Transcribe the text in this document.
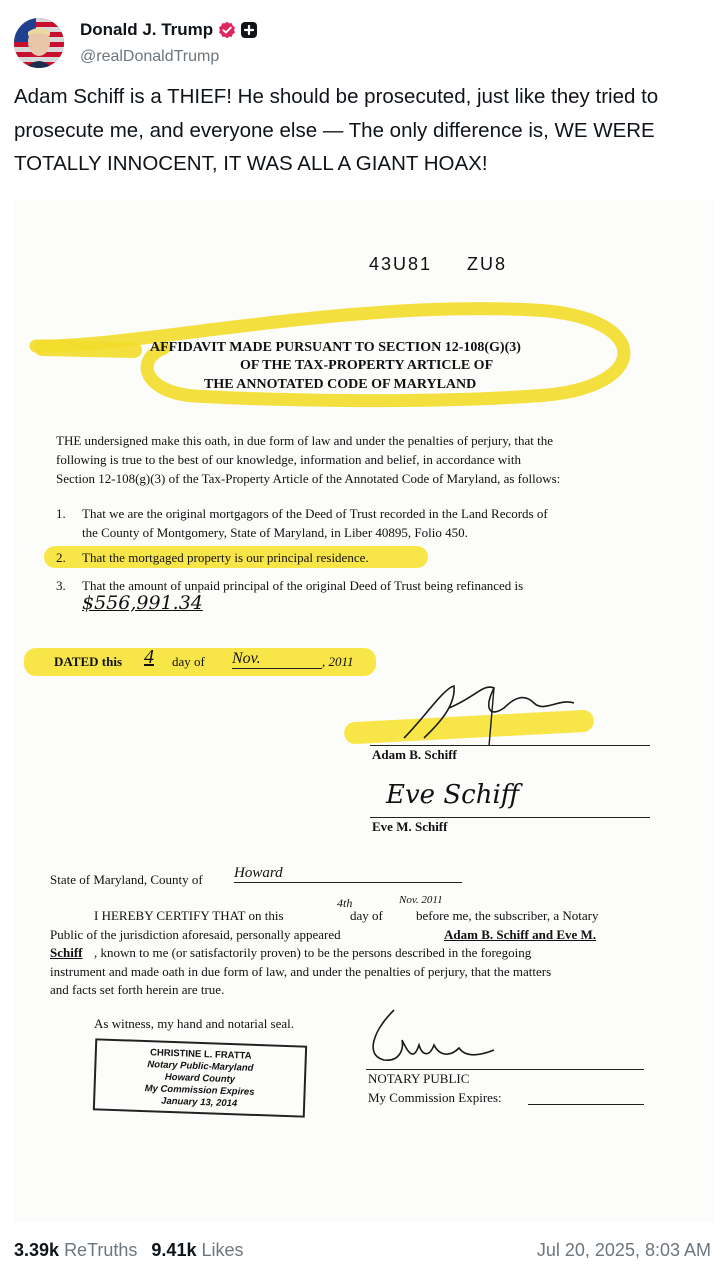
Donald J. Trump
@realDonaldTrump

Adam Schiff is a THIEF! He should be prosecuted, just like they tried to prosecute me, and everyone else — The only difference is, WE WERE TOTALLY INNOCENT, IT WAS ALL A GIANT HOAX!

43U81     ZU8
AFFIDAVIT MADE PURSUANT TO SECTION 12-108(G)(3)
OF THE TAX-PROPERTY ARTICLE OF
THE ANNOTATED CODE OF MARYLAND
THE undersigned make this oath, in due form of law and under the penalties of perjury, that the
following is true to the best of our knowledge, information and belief, in accordance with
Section 12-108(g)(3) of the Tax-Property Article of the Annotated Code of Maryland, as follows:
1. That we are the original mortgagors of the Deed of Trust recorded in the Land Records of
the County of Montgomery, State of Maryland, in Liber 40895, Folio 450.
2. That the mortgaged property is our principal residence.
3. That the amount of unpaid principal of the original Deed of Trust being refinanced is
$556,991.34
DATED this 4 day of Nov.	, 2011
Adam B. Schiff
Eve Schiff
Eve M. Schiff
State of Maryland, County of Howard
I HEREBY CERTIFY THAT on this
4th
day of
Nov. 2011
before me, the subscriber, a Notary
Public of the jurisdiction aforesaid, personally appeared	Adam B. Schiff and Eve M.
Schiff , known to me (or satisfactorily proven) to be the persons described in the foregoing
instrument and made oath in due form of law, and under the penalties of perjury, that the matters
and facts set forth herein are true.
As witness, my hand and notarial seal.
CHRISTINE L. FRATTA
Notary Public-Maryland
Howard County
My Commission Expires
January 13, 2014
NOTARY PUBLIC
My Commission Expires:
3.39k ReTruths 9.41k Likes	Jul 20, 2025, 8:03 AM
